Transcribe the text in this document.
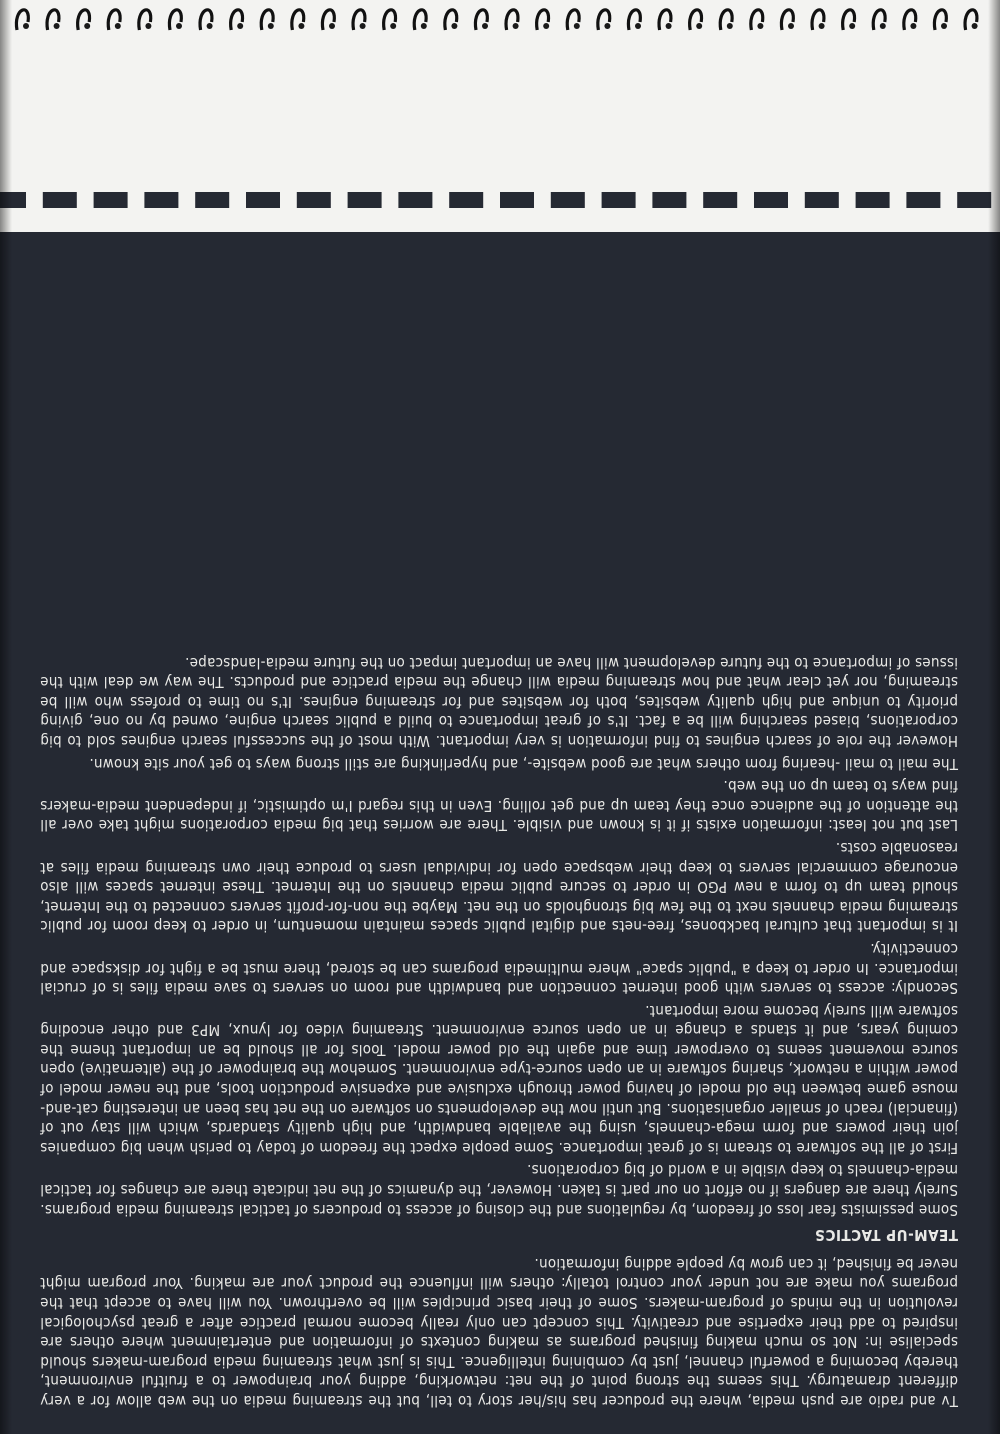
Tv and radio are push media, where the producer has his/her story to tell, but the streaming media on the web allow for a very different dramaturgy. This seems the strong point of the net: networking, adding your brainpower to a fruitful environment, thereby becoming a powerful channel, just by combining intelligence. This is just what streaming media program-makers should specialise in: Not so much making finished programs as making contexts of information and entertainment where others are inspired to add their expertise and creativity. This concept can only really become normal practice after a great psychological revolution in the minds of program-makers. Some of their basic principles will be overthrown. You will have to accept that the programs you make are not under your control totally: others will influence the product your are making. Your program might never be finished, it can grow by people adding information.

TEAM-UP TACTICS

Some pessimists fear loss of freedom, by regulations and the closing of access to producers of tactical streaming media programs. Surely there are dangers if no effort on our part is taken. However, the dynamics of the net indicate there are changes for tactical media-channels to keep visible in a world of big corporations.

First of all the software to stream is of great importance. Some people expect the freedom of today to perish when big companies join their powers and form mega-channels, using the available bandwidth, and high quality standards, which will stay out of (financial) reach of smaller organisations. But until now the developments on software on the net has been an interesting cat-and-mouse game between the old model of having power through exclusive and expensive production tools, and the newer model of power within a network, sharing software in an open source-type environment. Somehow the brainpower of the (alternative) open source movement seems to overpower time and again the old power model. Tools for all should be an important theme the coming years, and it stands a change in an open source environment. Streaming video for lynux, MP3 and other encoding software will surely become more important.

Secondly: access to servers with good internet connection and bandwidth and room on servers to save media files is of crucial importance. In order to keep a "public space" where multimedia programs can be stored, there must be a fight for diskspace and connectivity.

It is important that cultural backbones, free-nets and digital public spaces maintain momentum, in order to keep room for public streaming media channels next to the few big strongholds on the net. Maybe the non-for-profit servers connected to the Internet, should team up to form a new PGO in order to secure public media channels on the Internet. These internet spaces will also encourage commercial servers to keep their webspace open for individual users to produce their own streaming media files at reasonable costs.

Last but not least: information exists if it is known and visible. There are worries that big media corporations might take over all the attention of the audience once they team up and get rolling. Even in this regard I'm optimistic, if independent media-makers find ways to team up on the web.

The mail to mail -hearing from others what are good website-, and hyperlinking are still strong ways to get your site known.

However the role of search engines to find information is very important. With most of the successful search engines sold to big corporations, biased searching will be a fact. It's of great importance to build a public search engine, owned by no one, giving priority to unique and high quality websites, both for websites and for streaming engines. It's no time to profess who will be streaming, nor yet clear what and how streaming media will change the media practice and products. The way we deal with the issues of importance to the future development will have an important impact on the future media-landscape.
